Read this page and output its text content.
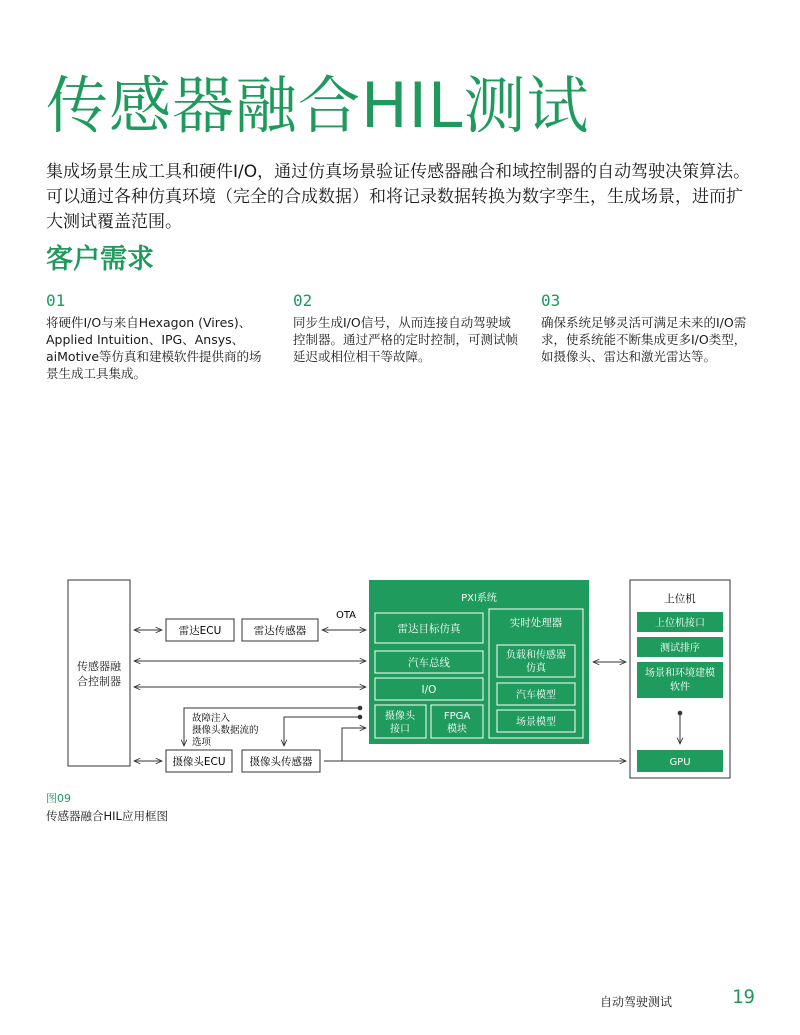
传感器融合HIL测试

集成场景生成工具和硬件I/O，通过仿真场景验证传感器融合和域控制器的自动驾驶决策算法。可以通过各种仿真环境（完全的合成数据）和将记录数据转换为数字孪生，生成场景，进而扩大测试覆盖范围。

客户需求
01
将硬件I/O与来自Hexagon (Vires)、Applied Intuition、IPG、Ansys、aiMotive等仿真和建模软件提供商的场景生成工具集成。
02
同步生成I/O信号，从而连接自动驾驶域控制器。通过严格的定时控制，可测试帧延迟或相位相干等故障。
03
确保系统足够灵活可满足未来的I/O需求，使系统能不断集成更多I/O类型，如摄像头、雷达和激光雷达等。
传感器融
合控制器
雷达ECU	雷达传感器
OTA
摄像头ECU 摄像头传感器
故障注入
摄像头数据流的
选项
PXI系统
雷达目标仿真
汽车总线
I/O
摄像头
接口
FPGA
模块
实时处理器
负载和传感器
仿真
汽车模型
场景模型
上位机
上位机接口
测试排序
场景和环境建模
软件
GPU
图09
传感器融合HIL应用框图
自动驾驶测试	19
